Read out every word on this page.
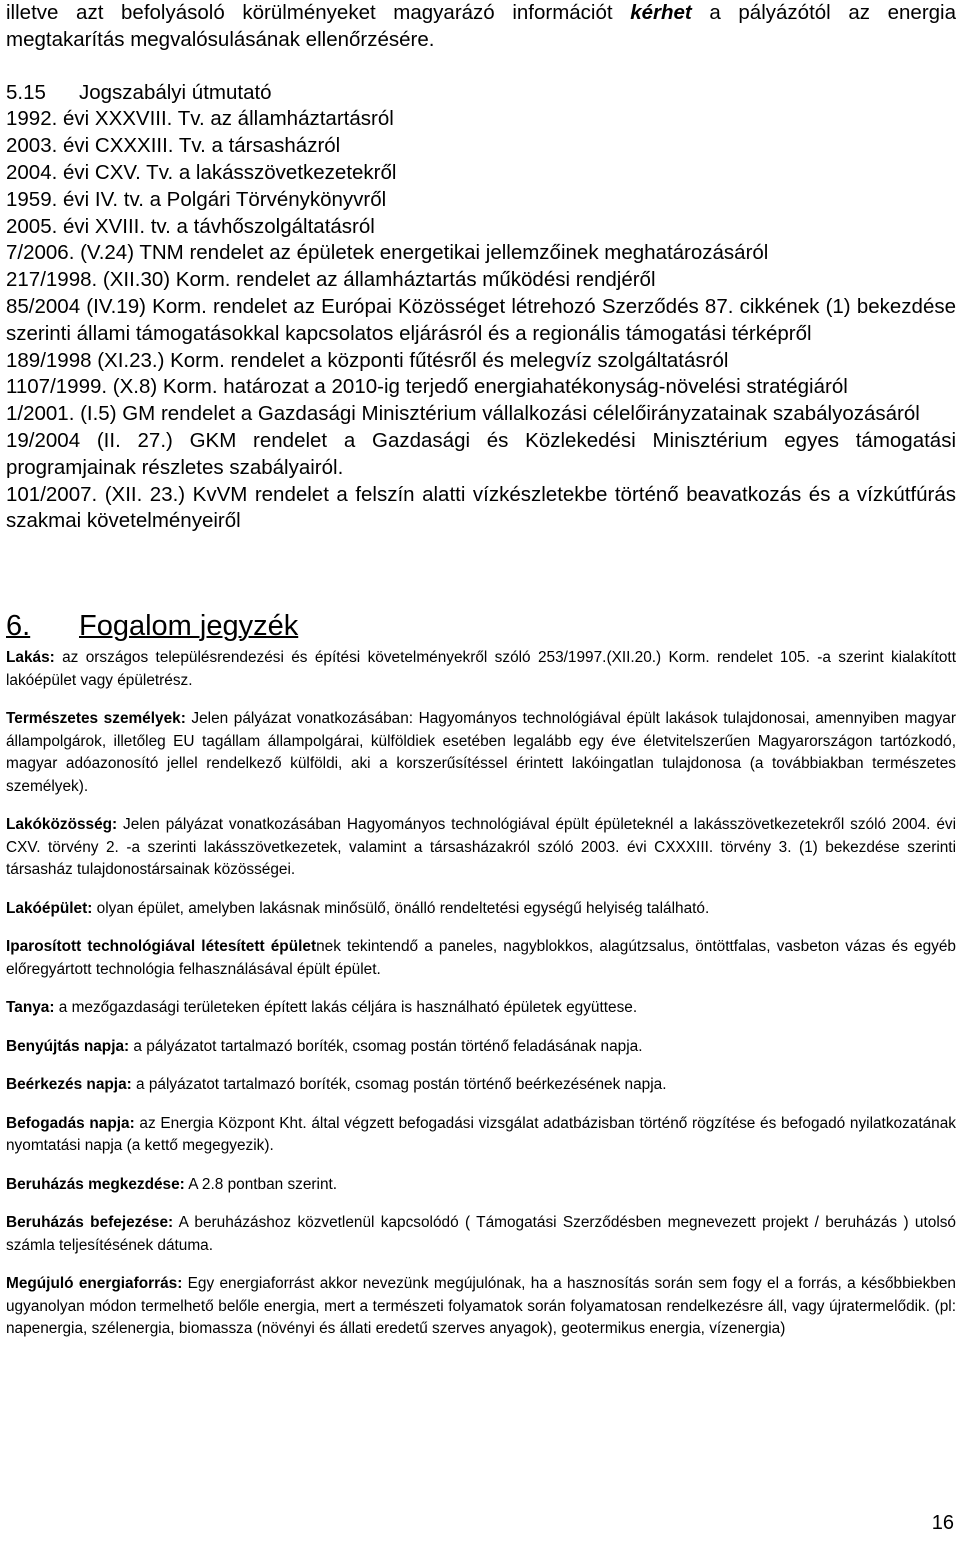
illetve azt befolyásoló körülményeket magyarázó információt kérhet a pályázótól az energia megtakarítás megvalósulásának ellenőrzésére.

5.15 Jogszabályi útmutató

1992. évi XXXVIII. Tv. az államháztartásról

2003. évi CXXXIII. Tv. a társasházról

2004. évi CXV. Tv. a lakásszövetkezetekről

1959. évi IV. tv. a Polgári Törvénykönyvről

2005. évi XVIII. tv. a távhőszolgáltatásról

7/2006. (V.24) TNM rendelet az épületek energetikai jellemzőinek meghatározásáról

217/1998. (XII.30) Korm. rendelet az államháztartás működési rendjéről

85/2004 (IV.19) Korm. rendelet az Európai Közösséget létrehozó Szerződés 87. cikkének (1) bekezdése szerinti állami támogatásokkal kapcsolatos eljárásról és a regionális támogatási térképről

189/1998 (XI.23.) Korm. rendelet a központi fűtésről és melegvíz szolgáltatásról

1107/1999. (X.8) Korm. határozat a 2010-ig terjedő energiahatékonyság-növelési stratégiáról

1/2001. (I.5) GM rendelet a Gazdasági Minisztérium vállalkozási célelőirányzatainak szabályozásáról

19/2004 (II. 27.) GKM rendelet a Gazdasági és Közlekedési Minisztérium egyes támogatási programjainak részletes szabályairól.

101/2007. (XII. 23.) KvVM rendelet a felszín alatti vízkészletekbe történő beavatkozás és a vízkútfúrás szakmai követelményeiről

6. Fogalom jegyzék

Lakás: az országos településrendezési és építési követelményekről szóló 253/1997.(XII.20.) Korm. rendelet 105. -a szerint kialakított lakóépület vagy épületrész.

Természetes személyek: Jelen pályázat vonatkozásában: Hagyományos technológiával épült lakások tulajdonosai, amennyiben magyar állampolgárok, illetőleg EU tagállam állampolgárai, külföldiek esetében legalább egy éve életvitelszerűen Magyarországon tartózkodó, magyar adóazonosító jellel rendelkező külföldi, aki a korszerűsítéssel érintett lakóingatlan tulajdonosa (a továbbiakban természetes személyek).

Lakóközösség: Jelen pályázat vonatkozásában Hagyományos technológiával épült épületeknél a lakásszövetkezetekről szóló 2004. évi CXV. törvény 2. -a szerinti lakásszövetkezetek, valamint a társasházakról szóló 2003. évi CXXXIII. törvény 3. (1) bekezdése szerinti társasház tulajdonostársainak közösségei.

Lakóépület: olyan épület, amelyben lakásnak minősülő, önálló rendeltetési egységű helyiség található.

Iparosított technológiával létesített épületnek tekintendő a paneles, nagyblokkos, alagútzsalus, öntöttfalas, vasbeton vázas és egyéb előregyártott technológia felhasználásával épült épület.

Tanya: a mezőgazdasági területeken épített lakás céljára is használható épületek együttese.

Benyújtás napja: a pályázatot tartalmazó boríték, csomag postán történő feladásának napja.

Beérkezés napja: a pályázatot tartalmazó boríték, csomag postán történő beérkezésének napja.

Befogadás napja: az Energia Központ Kht. által végzett befogadási vizsgálat adatbázisban történő rögzítése és befogadó nyilatkozatának nyomtatási napja (a kettő megegyezik).

Beruházás megkezdése: A 2.8 pontban szerint.

Beruházás befejezése: A beruházáshoz közvetlenül kapcsolódó ( Támogatási Szerződésben megnevezett projekt / beruházás ) utolsó számla teljesítésének dátuma.

Megújuló energiaforrás: Egy energiaforrást akkor nevezünk megújulónak, ha a hasznosítás során sem fogy el a forrás, a későbbiekben ugyanolyan módon termelhető belőle energia, mert a természeti folyamatok során folyamatosan rendelkezésre áll, vagy újratermelődik. (pl: napenergia, szélenergia, biomassza (növényi és állati eredetű szerves anyagok), geotermikus energia, vízenergia)

16
